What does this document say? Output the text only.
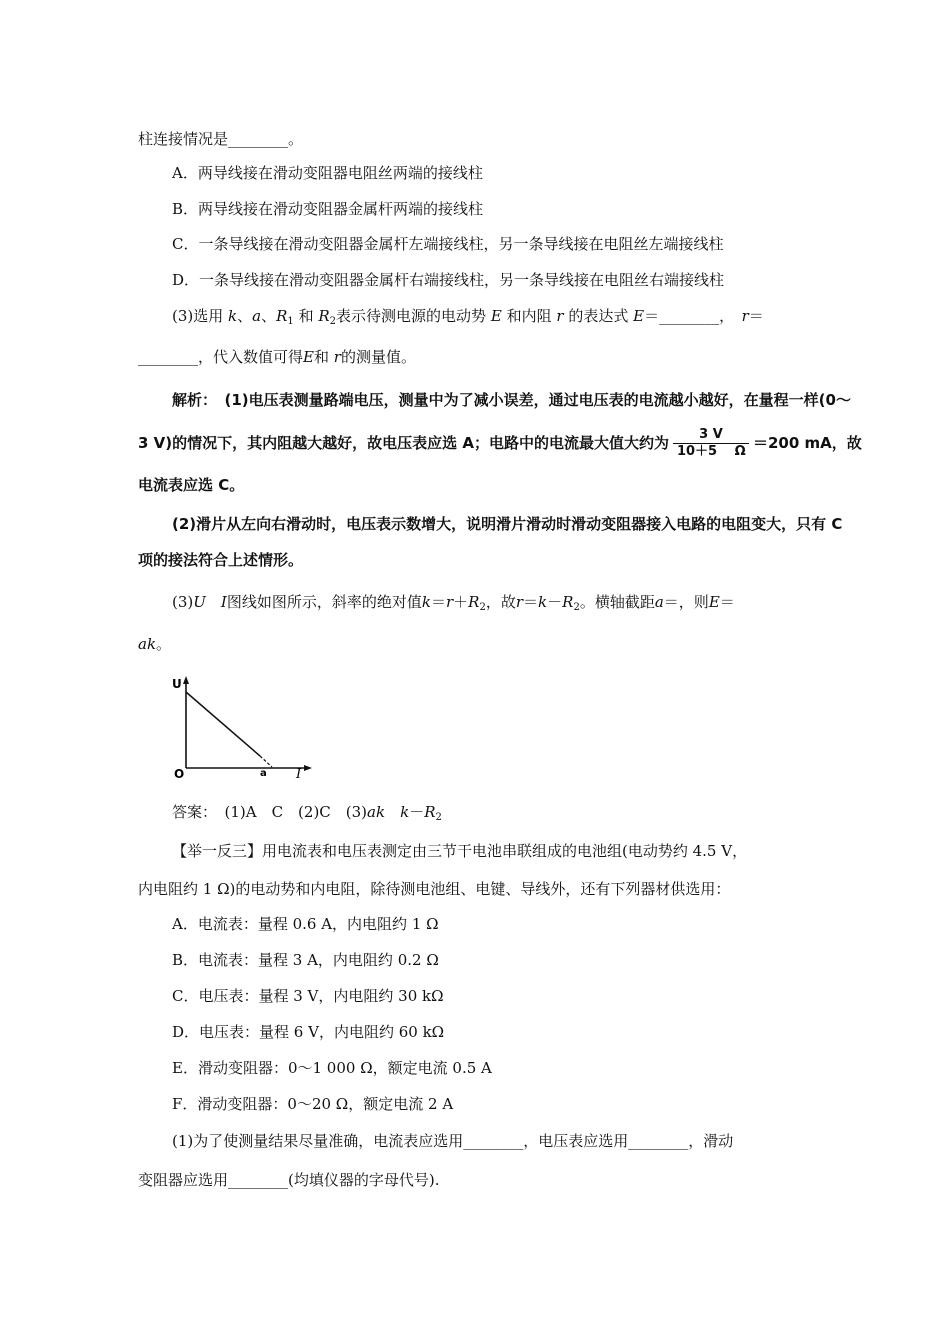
柱连接情况是________。
A．两导线接在滑动变阻器电阻丝两端的接线柱
B．两导线接在滑动变阻器金属杆两端的接线柱
C．一条导线接在滑动变阻器金属杆左端接线柱，另一条导线接在电阻丝左端接线柱
D．一条导线接在滑动变阻器金属杆右端接线柱，另一条导线接在电阻丝右端接线柱
(3)选用 k、a、$R_1$ 和 $R_2$表示待测电源的电动势 E 和内阻 r 的表达式 E＝________，　 r＝
________，代入数值可得E和 r的测量值。
解析：　(1)电压表测量路端电压，测量中为了减小误差，通过电压表的电流越小越好，在量程一样(0～
3 V)的情况下，其内阻越大越好，故电压表应选 A；电路中的电流最大值大约为 $\frac{3 V}{10+5 \Omega} =200$ mA，故
电流表应选 C。
(2)滑片从左向右滑动时，电压表示数增大，说明滑片滑动时滑动变阻器接入电路的电阻变大，只有 C
项的接法符合上述情形。
(3)U　 I图线如图所示，斜率的绝对值$k=r+R_2$，故$r=k-R_2$。横轴截距a＝，则E＝
ak。
U
I
O	a
答案：　(1)A　C　(2)C　(3)ak　 $k-R_2$
【举一反三】用电流表和电压表测定由三节干电池串联组成的电池组(电动势约 4.5 V，
内电阻约 1 Ω)的电动势和内电阻，除待测电池组、电键、导线外，还有下列器材供选用：
A．电流表：量程 0.6 A，内电阻约 1 Ω
B．电流表：量程 3 A，内电阻约 0.2 Ω
C．电压表：量程 3 V，内电阻约 30 kΩ
D．电压表：量程 6 V，内电阻约 60 kΩ
E．滑动变阻器：0～1 000 Ω，额定电流 0.5 A
F．滑动变阻器：0～20 Ω，额定电流 2 A
(1)为了使测量结果尽量准确，电流表应选用________，电压表应选用________，滑动
变阻器应选用________(均填仪器的字母代号).
